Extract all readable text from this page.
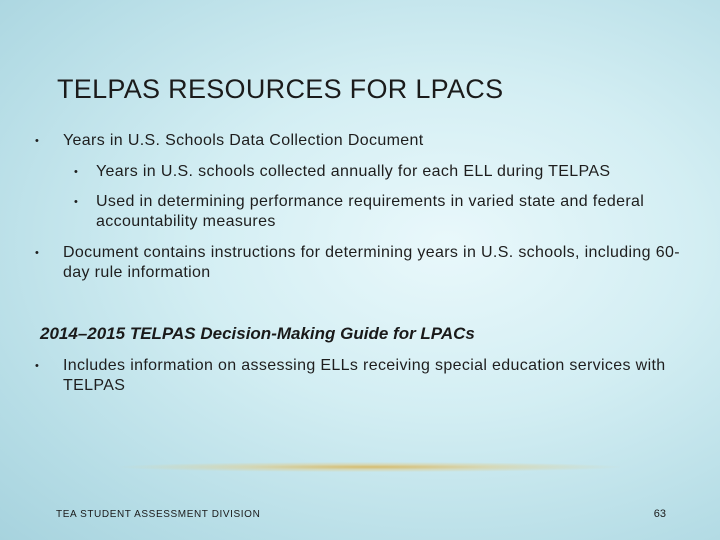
TELPAS RESOURCES FOR LPACS
• Years in U.S. Schools Data Collection Document
• Years in U.S. schools collected annually for each ELL during TELPAS
• Used in determining performance requirements in varied state and federal accountability measures
• Document contains instructions for determining years in U.S. schools, including 60-day rule information
2014–2015 TELPAS Decision-Making Guide for LPACs
• Includes information on assessing ELLs receiving special education services with TELPAS
TEA STUDENT ASSESSMENT DIVISION	63
